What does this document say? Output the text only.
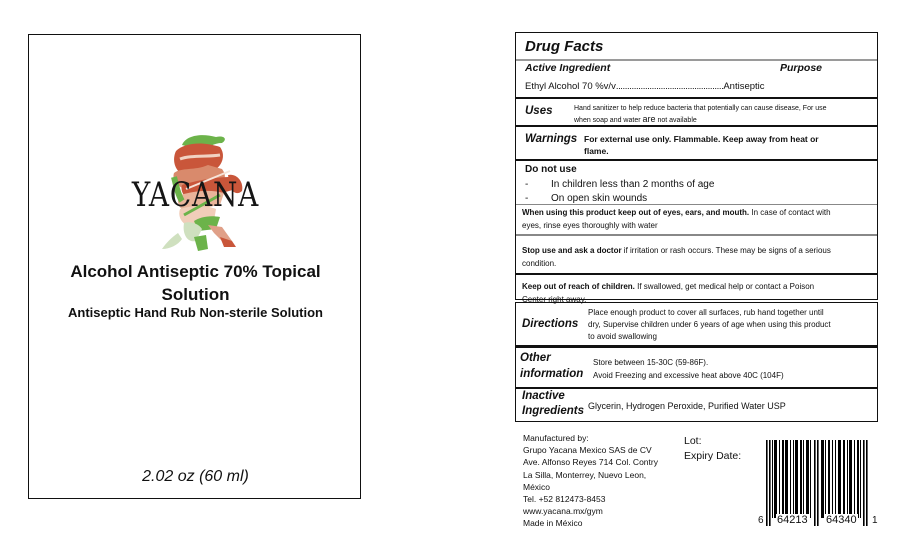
YACANA
Alcohol Antiseptic 70% Topical
Solution
Antiseptic Hand Rub Non-sterile Solution
2.02 oz (60 ml)
Drug Facts
Active Ingredient	Purpose
Ethyl Alcohol 70 %v/v................................................Antiseptic
Uses	Hand sanitizer to help reduce bacteria that potentially can cause disease, For use
when soap and water are not available
Warnings For external use only. Flammable. Keep away from heat or
flame.
Do not use
- In children less than 2 months of age
- On open skin wounds
When using this product keep out of eyes, ears, and mouth. In case of contact with
eyes, rinse eyes thoroughly with water
Stop use and ask a doctor if irritation or rash occurs. These may be signs of a serious
condition.
Keep out of reach of children. If swallowed, get medical help or contact a Poison
Center right away.
Directions
Place enough product to cover all surfaces, rub hand together until
dry, Supervise children under 6 years of age when using this product
to avoid swallowing
Other
information
Store between 15-30C (59-86F).
Avoid Freezing and excessive heat above 40C (104F)
Inactive
Ingredients Glycerin, Hydrogen Peroxide, Purified Water USP
Manufactured by:
Grupo Yacana Mexico SAS de CV
Ave. Alfonso Reyes 714 Col. Contry
La Silla, Monterrey, Nuevo Leon,
México
Tel. +52 812473-8453
www.yacana.mx/gym
Made in México
Lot:
Expiry Date:
6 64213 64340 1
